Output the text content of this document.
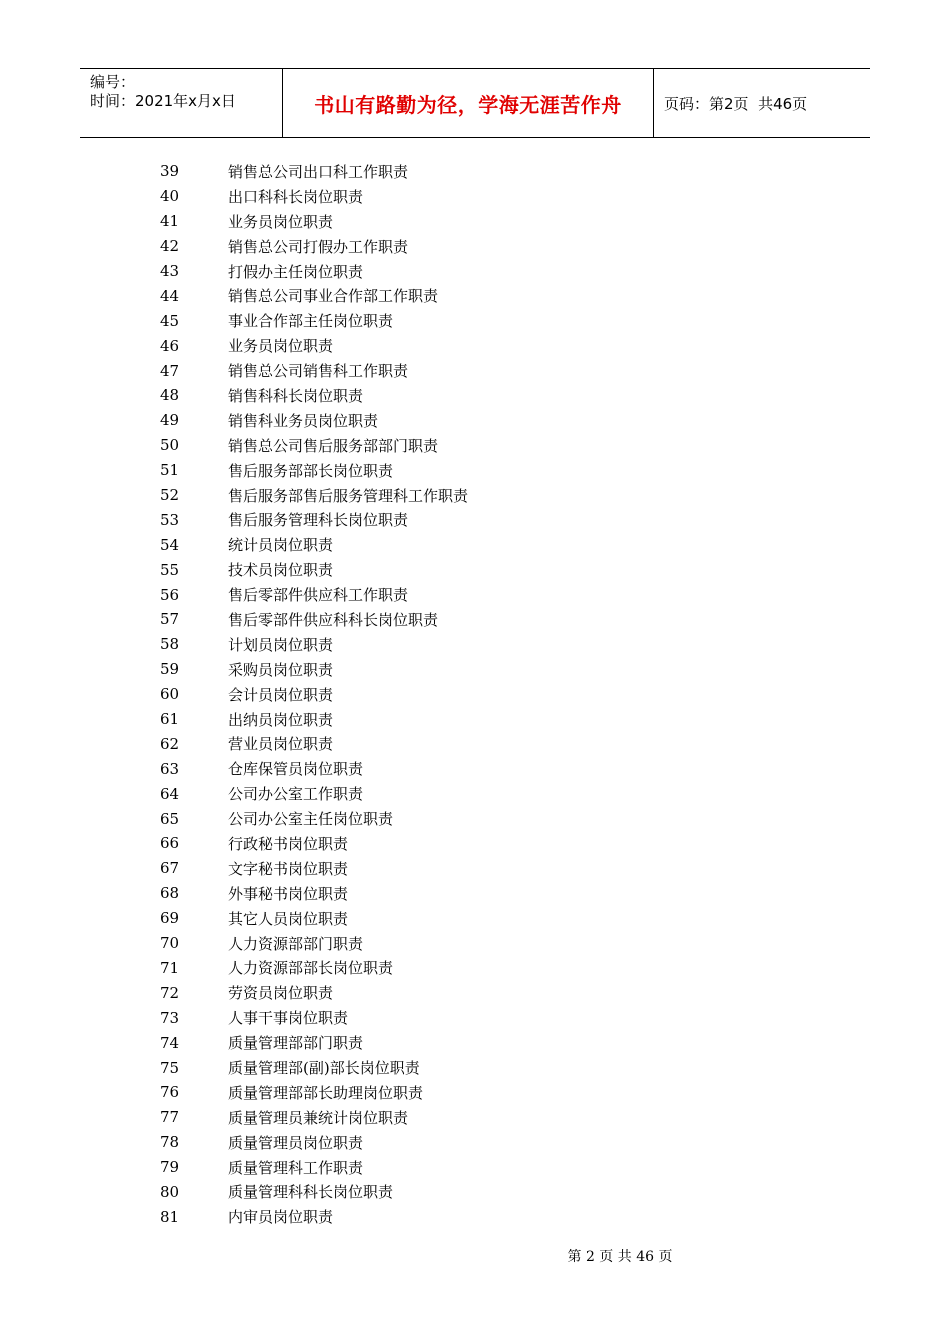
编号：
时间：2021年x月x日	书山有路勤为径，学海无涯苦作舟	页码：第2页  共46页
39	销售总公司出口科工作职责
40	出口科科长岗位职责
41	业务员岗位职责
42	销售总公司打假办工作职责
43	打假办主任岗位职责
44	销售总公司事业合作部工作职责
45	事业合作部主任岗位职责
46	业务员岗位职责
47	销售总公司销售科工作职责
48	销售科科长岗位职责
49	销售科业务员岗位职责
50	销售总公司售后服务部部门职责
51	售后服务部部长岗位职责
52	售后服务部售后服务管理科工作职责
53	售后服务管理科长岗位职责
54	统计员岗位职责
55	技术员岗位职责
56	售后零部件供应科工作职责
57	售后零部件供应科科长岗位职责
58	计划员岗位职责
59	采购员岗位职责
60	会计员岗位职责
61	出纳员岗位职责
62	营业员岗位职责
63	仓库保管员岗位职责
64	公司办公室工作职责
65	公司办公室主任岗位职责
66	行政秘书岗位职责
67	文字秘书岗位职责
68	外事秘书岗位职责
69	其它人员岗位职责
70	人力资源部部门职责
71	人力资源部部长岗位职责
72	劳资员岗位职责
73	人事干事岗位职责
74	质量管理部部门职责
75	质量管理部(副)部长岗位职责
76	质量管理部部长助理岗位职责
77	质量管理员兼统计岗位职责
78	质量管理员岗位职责
79	质量管理科工作职责
80	质量管理科科长岗位职责
81	内审员岗位职责
第 2 页 共 46 页
